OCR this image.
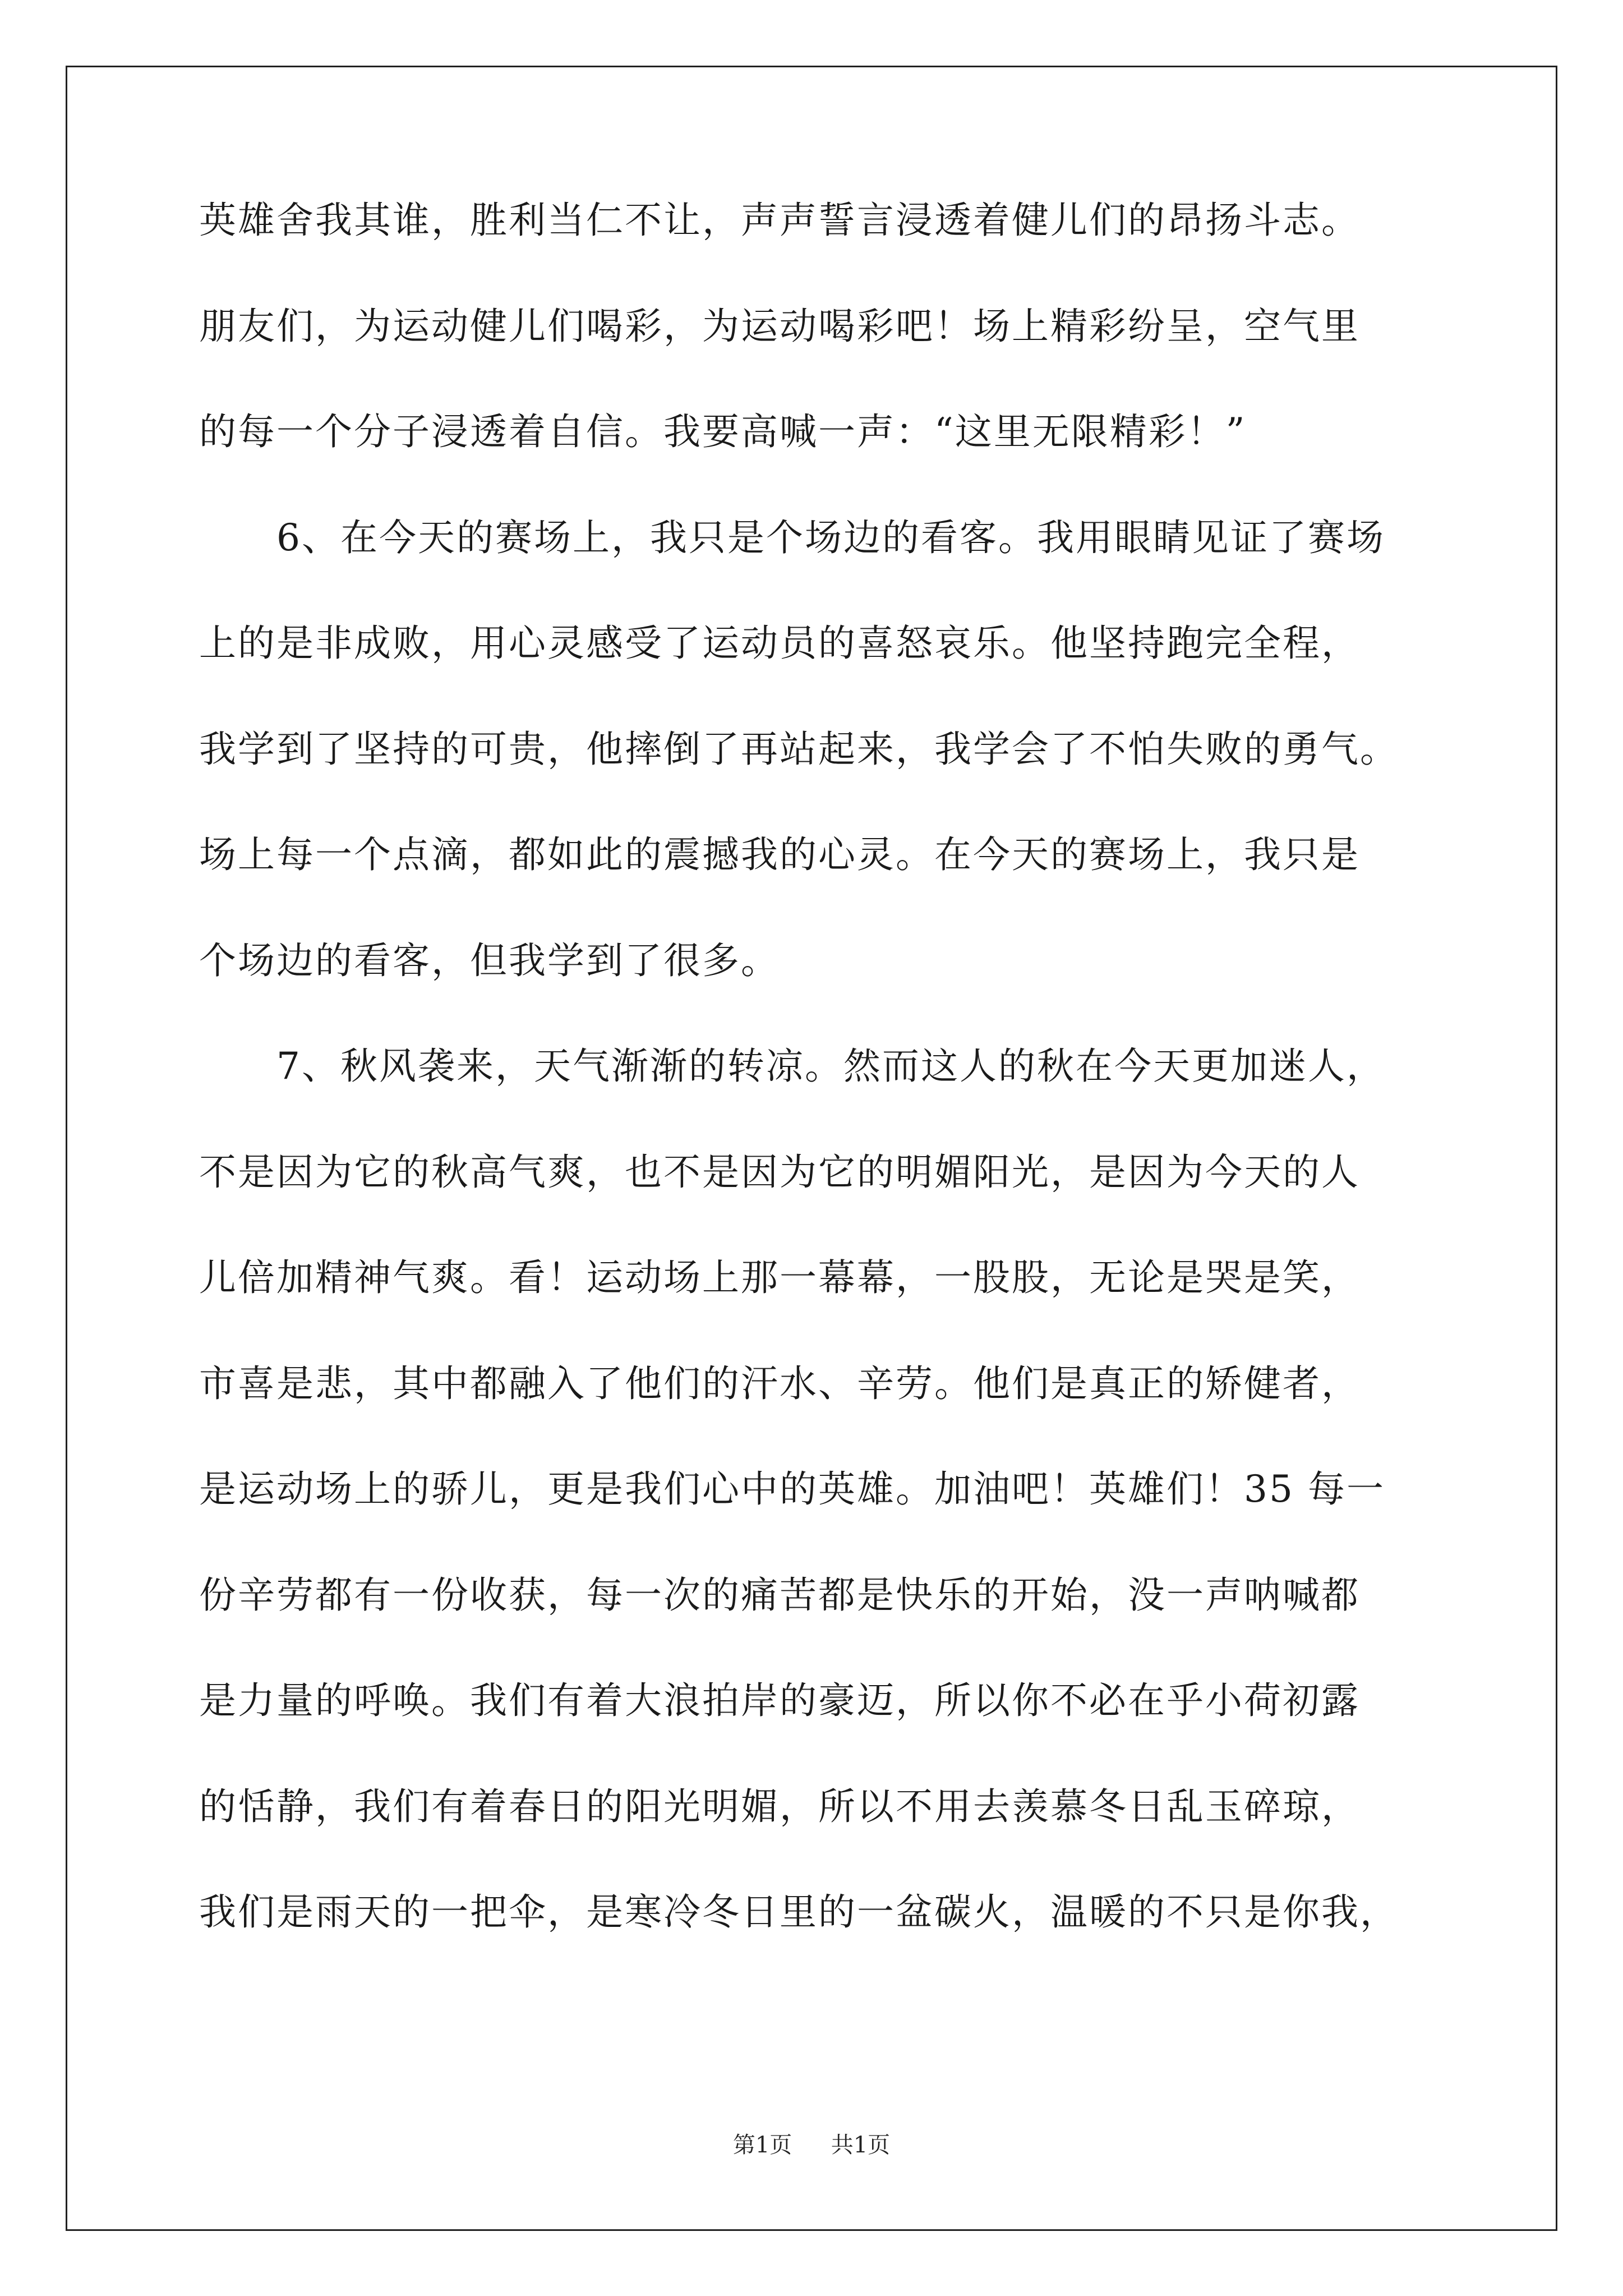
英雄舍我其谁，胜利当仁不让，声声誓言浸透着健儿们的昂扬斗志。
朋友们，为运动健儿们喝彩，为运动喝彩吧！场上精彩纷呈，空气里
的每一个分子浸透着自信。我要高喊一声：“这里无限精彩！”
6、在今天的赛场上，我只是个场边的看客。我用眼睛见证了赛场
上的是非成败，用心灵感受了运动员的喜怒哀乐。他坚持跑完全程，
我学到了坚持的可贵，他摔倒了再站起来，我学会了不怕失败的勇气。
场上每一个点滴，都如此的震撼我的心灵。在今天的赛场上，我只是
个场边的看客，但我学到了很多。
7、秋风袭来，天气渐渐的转凉。然而这人的秋在今天更加迷人，
不是因为它的秋高气爽，也不是因为它的明媚阳光，是因为今天的人
儿倍加精神气爽。看！运动场上那一幕幕，一股股，无论是哭是笑，
市喜是悲，其中都融入了他们的汗水、辛劳。他们是真正的矫健者，
是运动场上的骄儿，更是我们心中的英雄。加油吧！英雄们！35 每一
份辛劳都有一份收获，每一次的痛苦都是快乐的开始，没一声呐喊都
是力量的呼唤。我们有着大浪拍岸的豪迈，所以你不必在乎小荷初露
的恬静，我们有着春日的阳光明媚，所以不用去羡慕冬日乱玉碎琼，
我们是雨天的一把伞，是寒冷冬日里的一盆碳火，温暖的不只是你我，
第1页 共1页
